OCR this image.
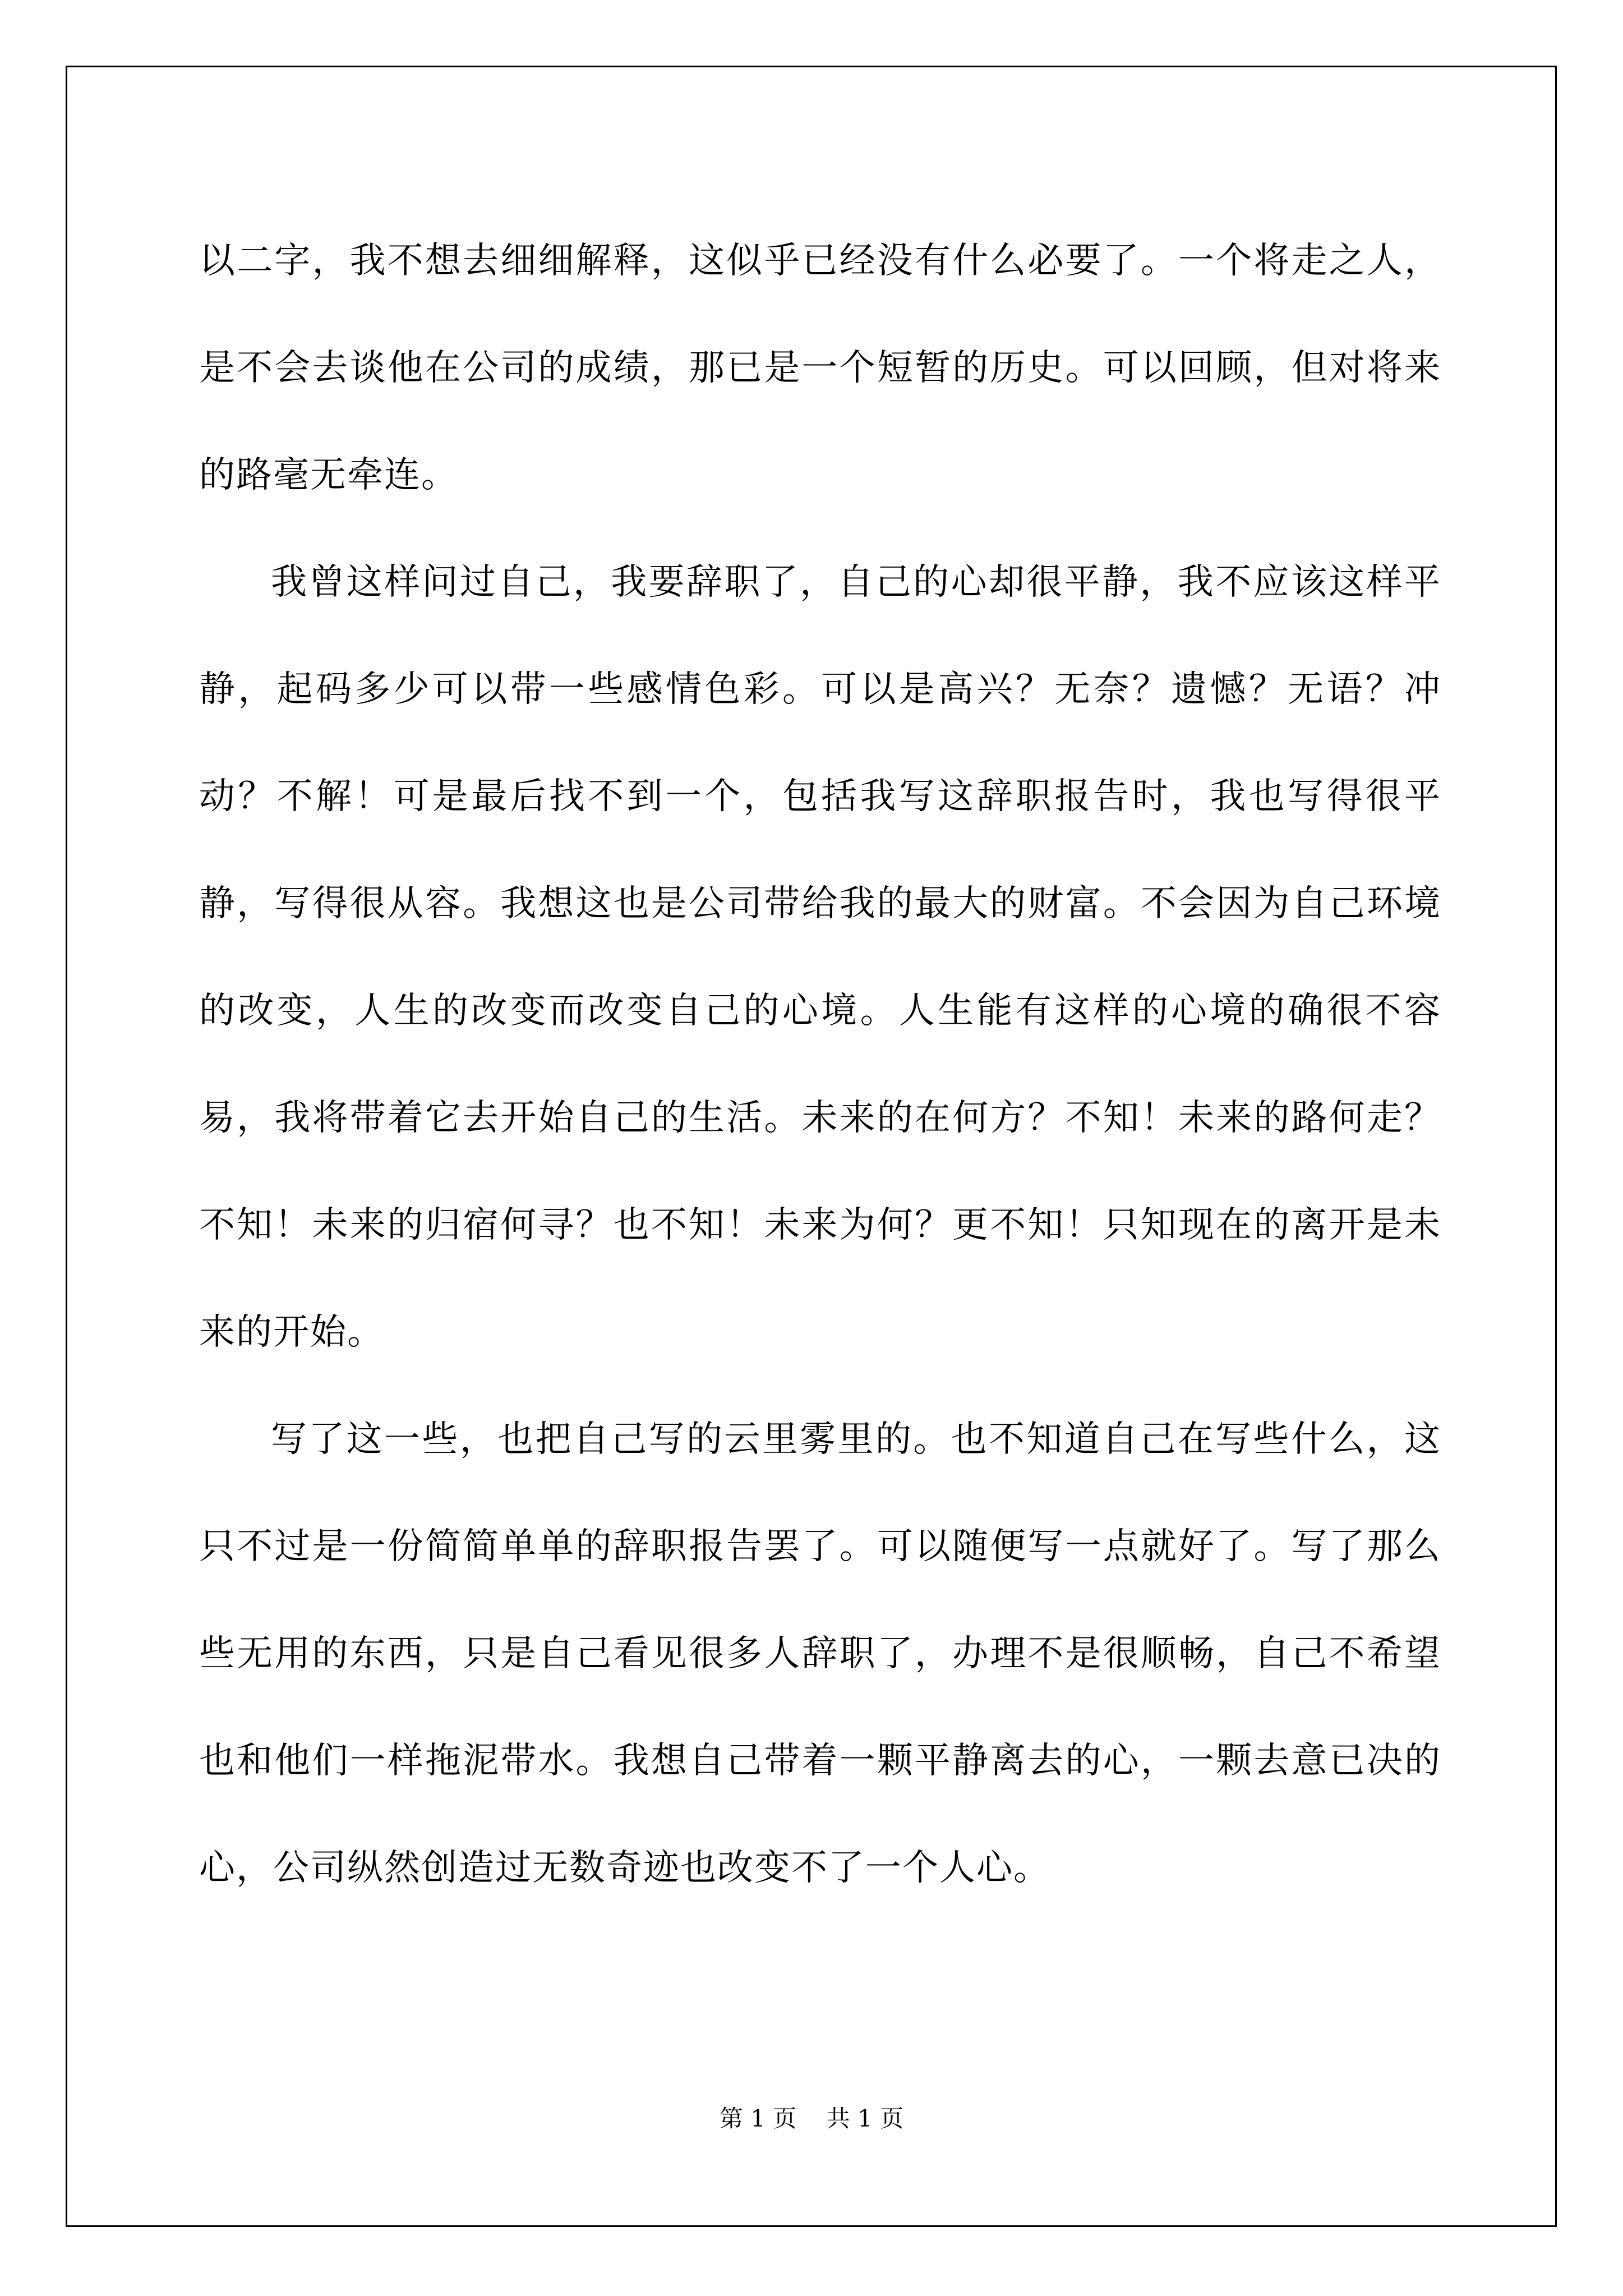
以二字，我不想去细细解释，这似乎已经没有什么必要了。一个将走之人，是不会去谈他在公司的成绩，那已是一个短暂的历史。可以回顾，但对将来的路毫无牵连。

我曾这样问过自己，我要辞职了，自己的心却很平静，我不应该这样平静，起码多少可以带一些感情色彩。可以是高兴？无奈？遗憾？无语？冲动？不解！可是最后找不到一个，包括我写这辞职报告时，我也写得很平静，写得很从容。我想这也是公司带给我的最大的财富。不会因为自己环境的改变，人生的改变而改变自己的心境。人生能有这样的心境的确很不容易，我将带着它去开始自己的生活。未来的在何方？不知！未来的路何走？不知！未来的归宿何寻？也不知！未来为何？更不知！只知现在的离开是未来的开始。

写了这一些，也把自己写的云里雾里的。也不知道自己在写些什么，这只不过是一份简简单单的辞职报告罢了。可以随便写一点就好了。写了那么些无用的东西，只是自己看见很多人辞职了，办理不是很顺畅，自己不希望也和他们一样拖泥带水。我想自己带着一颗平静离去的心，一颗去意已决的心，公司纵然创造过无数奇迹也改变不了一个人心。

第 1 页 共 1 页
